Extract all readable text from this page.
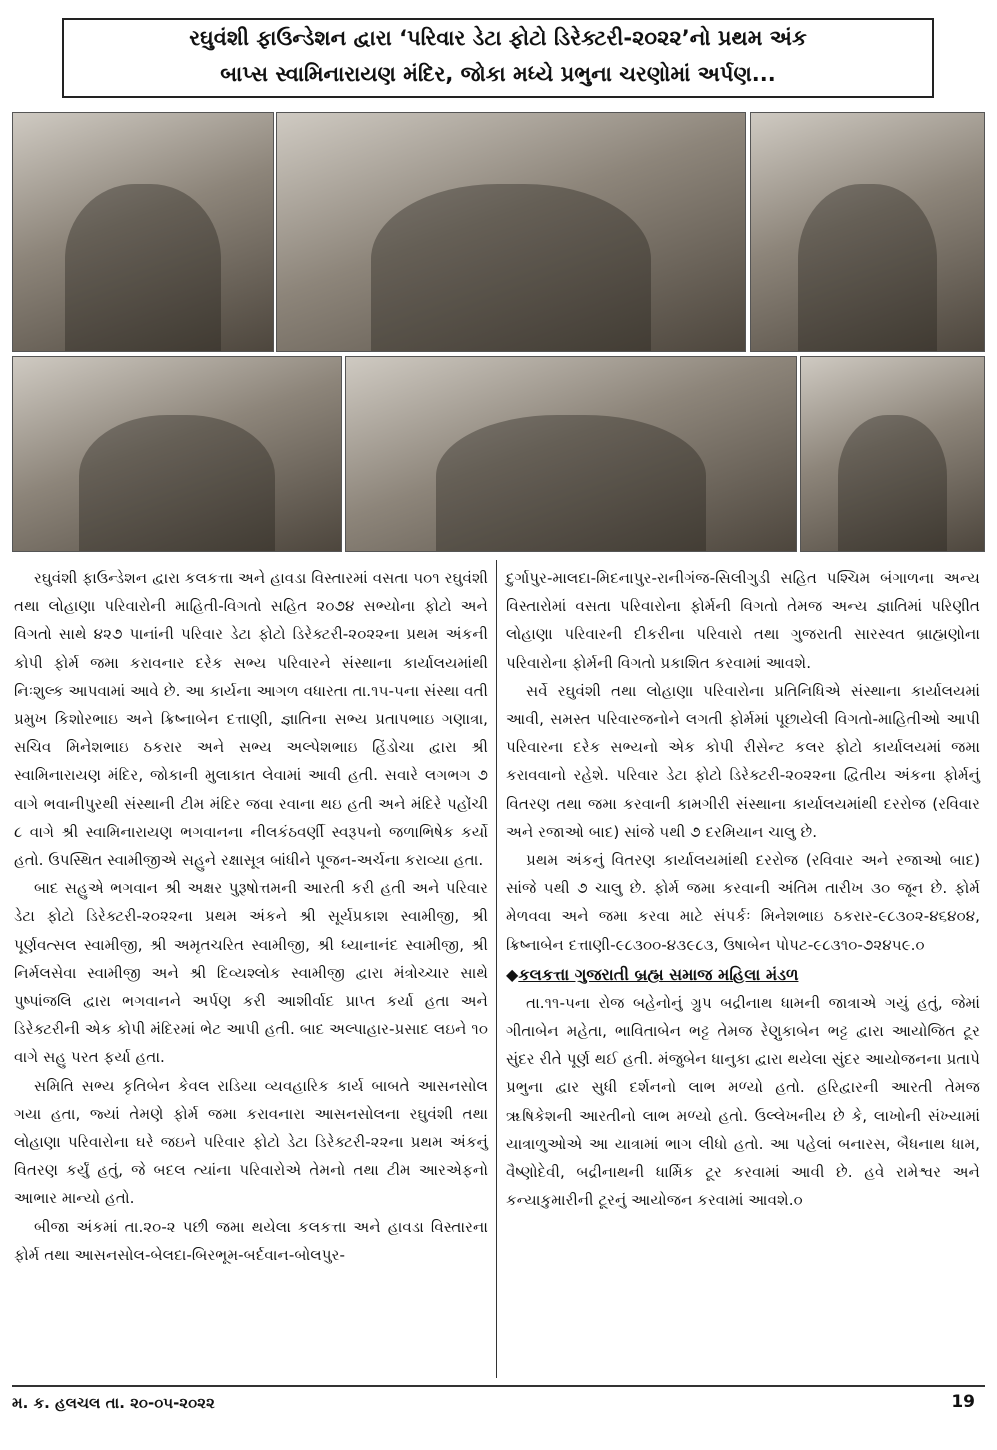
રઘુવંશી ફાઉન્ડેશન દ્વારા ‘પરિવાર ડેટા ફોટો ડિરેક્ટરી-૨૦૨૨’નો પ્રથમ અંક
બાપ્સ સ્વામિનારાયણ મંદિર, જોકા મધ્યે પ્રભુના ચરણોમાં અર્પણ...

રઘુવંશી ફાઉન્ડેશન દ્વારા કલકત્તા અને હાવડા વિસ્તારમાં વસતા ૫૦૧ રઘુવંશી તથા લોહાણા પરિવારોની માહિતી-વિગતો સહિત ૨૦૭૪ સભ્યોના ફોટો અને વિગતો સાથે ૪૨૭ પાનાંની પરિવાર ડેટા ફોટો ડિરેક્ટરી-૨૦૨૨ના પ્રથમ અંકની કોપી ફોર્મ જમા કરાવનાર દરેક સભ્ય પરિવારને સંસ્થાના કાર્યાલયમાંથી નિઃશુલ્ક આપવામાં આવે છે. આ કાર્યના આગળ વધારતા તા.૧૫-૫ના સંસ્થા વતી પ્રમુખ કિશોરભાઇ અને ક્રિષ્નાબેન દત્તાણી, જ્ઞાતિના સભ્ય પ્રતાપભાઇ ગણાત્રા, સચિવ મિનેશભાઇ ઠકરાર અને સભ્ય અલ્પેશભાઇ હિંડોચા દ્વારા શ્રી સ્વામિનારાયણ મંદિર, જોકાની મુલાકાત લેવામાં આવી હતી. સવારે લગભગ ૭ વાગે ભવાનીપુરથી સંસ્થાની ટીમ મંદિર જવા રવાના થઇ હતી અને મંદિરે પહોંચી ૮ વાગે શ્રી સ્વામિનારાયણ ભગવાનના નીલકંઠવર્ણી સ્વરૂપનો જળાભિષેક કર્યો હતો. ઉપસ્થિત સ્વામીજીએ સહુને રક્ષાસૂત્ર બાંધીને પૂજન-અર્ચના કરાવ્યા હતા.

બાદ સહુએ ભગવાન શ્રી અક્ષર પુરૂષોત્તમની આરતી કરી હતી અને પરિવાર ડેટા ફોટો ડિરેક્ટરી-૨૦૨૨ના પ્રથમ અંકને શ્રી સૂર્યપ્રકાશ સ્વામીજી, શ્રી પૂર્ણવત્સલ સ્વામીજી, શ્રી અમૃતચરિત સ્વામીજી, શ્રી ધ્યાનાનંદ સ્વામીજી, શ્રી નિર્મલસેવા સ્વામીજી અને શ્રી દિવ્યશ્લોક સ્વામીજી દ્વારા મંત્રોચ્ચાર સાથે પુષ્પાંજલિ દ્વારા ભગવાનને અર્પણ કરી આશીર્વાદ પ્રાપ્ત કર્યા હતા અને ડિરેક્ટરીની એક કોપી મંદિરમાં ભેટ આપી હતી. બાદ અલ્પાહાર-પ્રસાદ લઇને ૧૦ વાગે સહુ પરત ફર્યા હતા.

સમિતિ સભ્ય કૃતિબેન કેવલ રાડિયા વ્યવહારિક કાર્ય બાબતે આસનસોલ ગયા હતા, જ્યાં તેમણે ફોર્મ જમા કરાવનારા આસનસોલના રઘુવંશી તથા લોહાણા પરિવારોના ઘરે જઇને પરિવાર ફોટો ડેટા ડિરેક્ટરી-૨૨ના પ્રથમ અંકનું વિતરણ કર્યું હતું, જે બદલ ત્યાંના પરિવારોએ તેમનો તથા ટીમ આરએફનો આભાર માન્યો હતો.

બીજા અંકમાં તા.૨૦-૨ પછી જમા થયેલા કલકત્તા અને હાવડા વિસ્તારના ફોર્મ તથા આસનસોલ-બેલદા-બિરભૂમ-બર્દવાન-બોલપુર-

દુર્ગાપુર-માલદા-મિદનાપુર-રાનીગંજ-સિલીગુડી સહિત પશ્ચિમ બંગાળના અન્ય વિસ્તારોમાં વસતા પરિવારોના ફોર્મની વિગતો તેમજ અન્ય જ્ઞાતિમાં પરિણીત લોહાણા પરિવારની દીકરીના પરિવારો તથા ગુજરાતી સારસ્વત બ્રાહ્મણોના પરિવારોના ફોર્મની વિગતો પ્રકાશિત કરવામાં આવશે.

સર્વે રઘુવંશી તથા લોહાણા પરિવારોના પ્રતિનિધિએ સંસ્થાના કાર્યાલયમાં આવી, સમસ્ત પરિવારજનોને લગતી ફોર્મમાં પૂછાયેલી વિગતો-માહિતીઓ આપી પરિવારના દરેક સભ્યનો એક કોપી રીસેન્ટ કલર ફોટો કાર્યાલયમાં જમા કરાવવાનો રહેશે. પરિવાર ડેટા ફોટો ડિરેક્ટરી-૨૦૨૨ના દ્વિતીય અંકના ફોર્મનું વિતરણ તથા જમા કરવાની કામગીરી સંસ્થાના કાર્યાલયમાંથી દરરોજ (રવિવાર અને રજાઓ બાદ) સાંજે ૫થી ૭ દરમિયાન ચાલુ છે.

પ્રથમ અંકનું વિતરણ કાર્યાલયમાંથી દરરોજ (રવિવાર અને રજાઓ બાદ) સાંજે ૫થી ૭ ચાલુ છે. ફોર્મ જમા કરવાની અંતિમ તારીખ ૩૦ જૂન છે. ફોર્મ મેળવવા અને જમા કરવા માટે સંપર્કઃ મિનેશભાઇ ઠકરાર-૯૮૩૦૨-૪૬૪૦૪, ક્રિષ્નાબેન દત્તાણી-૯૮૩૦૦-૪૩૯૮૩, ઉષાબેન પોપટ-૯૮૩૧૦-૭૨૪૫૯.૦

◆કલકત્તા ગુજરાતી બ્રહ્મ સમાજ મહિલા મંડળ

તા.૧૧-૫ના રોજ બહેનોનું ગ્રુપ બદ્રીનાથ ધામની જાત્રાએ ગયું હતું, જેમાં ગીતાબેન મહેતા, ભાવિતાબેન ભટ્ટ તેમજ રેણુકાબેન ભટ્ટ દ્વારા આયોજિત ટૂર સુંદર રીતે પૂર્ણ થઈ હતી. મંજુબેન ધાનુકા દ્વારા થયેલા સુંદર આયોજનના પ્રતાપે પ્રભુના દ્વાર સુધી દર્શનનો લાભ મળ્યો હતો. હરિદ્વારની આરતી તેમજ ૠષિકેશની આરતીનો લાભ મળ્યો હતો. ઉલ્લેખનીય છે કે, લાખોની સંખ્યામાં યાત્રાળુઓએ આ યાત્રામાં ભાગ લીધો હતો. આ પહેલાં બનારસ, બૈધનાથ ધામ, વૈષ્ણોદેવી, બદ્રીનાથની ધાર્મિક ટૂર કરવામાં આવી છે. હવે રામેશ્વર અને કન્યાકુમારીની ટૂરનું આયોજન કરવામાં આવશે.૦

મ. ક. હલચલ તા. ૨૦-૦૫-૨૦૨૨	19
